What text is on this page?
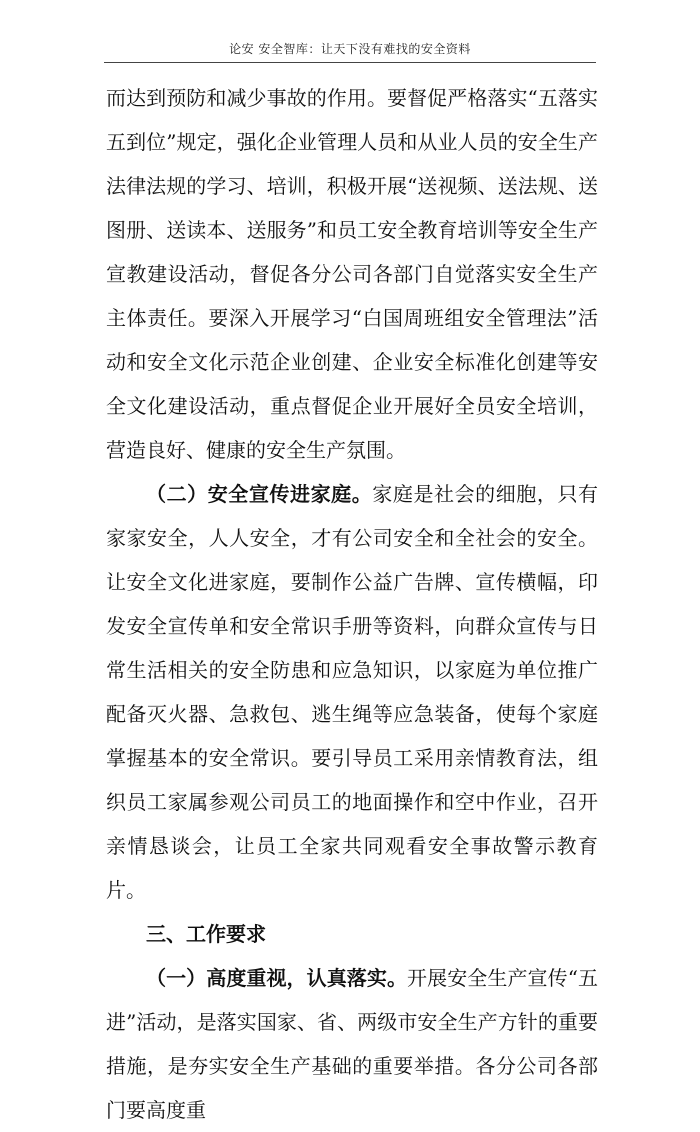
论安 安全智库：让天下没有难找的安全资料

而达到预防和减少事故的作用。要督促严格落实“五落实五到位”规定，强化企业管理人员和从业人员的安全生产法律法规的学习、培训，积极开展“送视频、送法规、送图册、送读本、送服务”和员工安全教育培训等安全生产宣教建设活动，督促各分公司各部门自觉落实安全生产主体责任。要深入开展学习“白国周班组安全管理法”活动和安全文化示范企业创建、企业安全标准化创建等安全文化建设活动，重点督促企业开展好全员安全培训，营造良好、健康的安全生产氛围。

（二）安全宣传进家庭。家庭是社会的细胞，只有家家安全，人人安全，才有公司安全和全社会的安全。让安全文化进家庭，要制作公益广告牌、宣传横幅，印发安全宣传单和安全常识手册等资料，向群众宣传与日常生活相关的安全防患和应急知识，以家庭为单位推广配备灭火器、急救包、逃生绳等应急装备，使每个家庭掌握基本的安全常识。要引导员工采用亲情教育法，组织员工家属参观公司员工的地面操作和空中作业，召开亲情恳谈会，让员工全家共同观看安全事故警示教育片。

三、工作要求

（一）高度重视，认真落实。开展安全生产宣传“五进”活动，是落实国家、省、两级市安全生产方针的重要措施，是夯实安全生产基础的重要举措。各分公司各部门要高度重
